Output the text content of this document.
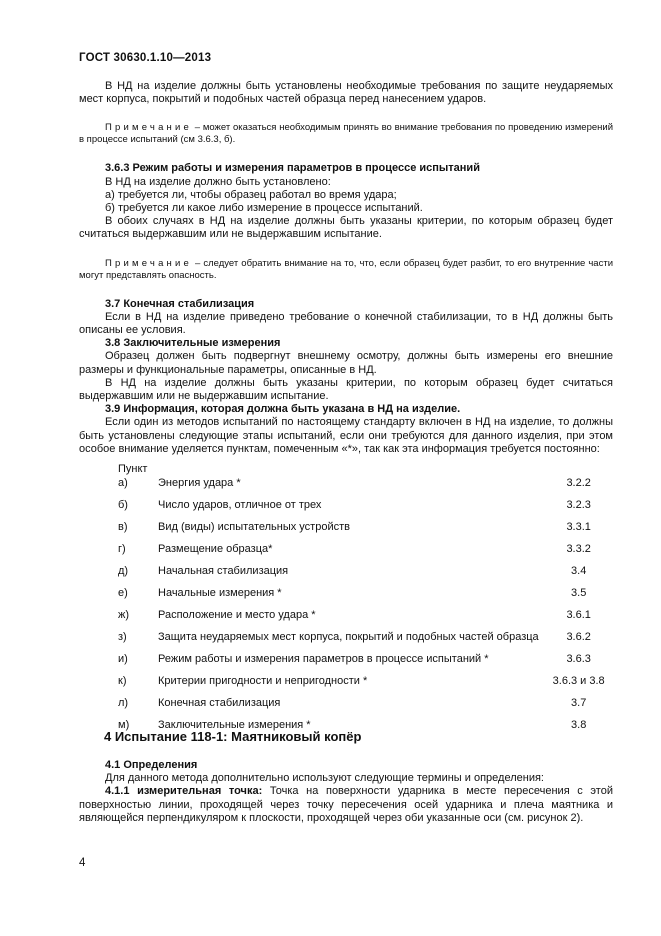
ГОСТ 30630.1.10—2013

В НД на изделие должны быть установлены необходимые требования по защите неударяемых мест корпуса, покрытий и подобных частей образца перед нанесением ударов.

Примечание – может оказаться необходимым принять во внимание требования по проведению измерений в процессе испытаний (см 3.6.3, б).

3.6.3 Режим работы и измерения параметров в процессе испытаний

В НД на изделие должно быть установлено:

а) требуется ли, чтобы образец работал во время удара;

б) требуется ли какое либо измерение в процессе испытаний.

В обоих случаях в НД на изделие должны быть указаны критерии, по которым образец будет считаться выдержавшим или не выдержавшим испытание.

Примечание – следует обратить внимание на то, что, если образец будет разбит, то его внутренние части могут представлять опасность.

3.7 Конечная стабилизация

Если в НД на изделие приведено требование о конечной стабилизации, то в НД должны быть описаны ее условия.

3.8 Заключительные измерения

Образец должен быть подвергнут внешнему осмотру, должны быть измерены его внешние размеры и функциональные параметры, описанные в НД.

В НД на изделие должны быть указаны критерии, по которым образец будет считаться выдержавшим или не выдержавшим испытание.

3.9 Информация, которая должна быть указана в НД на изделие.

Если один из методов испытаний по настоящему стандарту включен в НД на изделие, то должны быть установлены следующие этапы испытаний, если они требуются для данного изделия, при этом особое внимание уделяется пунктам, помеченным «*», так как эта информация требуется постоянно:

Пункт
а)	Энергия удара *	3.2.2
б)	Число ударов, отличное от трех	3.2.3
в)	Вид (виды) испытательных устройств	3.3.1
г)	Размещение образца*	3.3.2
д)	Начальная стабилизация	3.4
е)	Начальные измерения *	3.5
ж)	Расположение и место удара *	3.6.1
з)	Защита неударяемых мест корпуса, покрытий и подобных частей образца	3.6.2
и)	Режим работы и измерения параметров в процессе испытаний *	3.6.3
к)	Критерии пригодности и непригодности *	3.6.3 и 3.8
л)	Конечная стабилизация	3.7
м)	Заключительные измерения *	3.8
4 Испытание 118-1: Маятниковый копёр

4.1 Определения

Для данного метода дополнительно используют следующие термины и определения:

4.1.1 измерительная точка: Точка на поверхности ударника в месте пересечения с этой поверхностью линии, проходящей через точку пересечения осей ударника и плеча маятника и являющейся перпендикуляром к плоскости, проходящей через оби указанные оси (см. рисунок 2).

4
